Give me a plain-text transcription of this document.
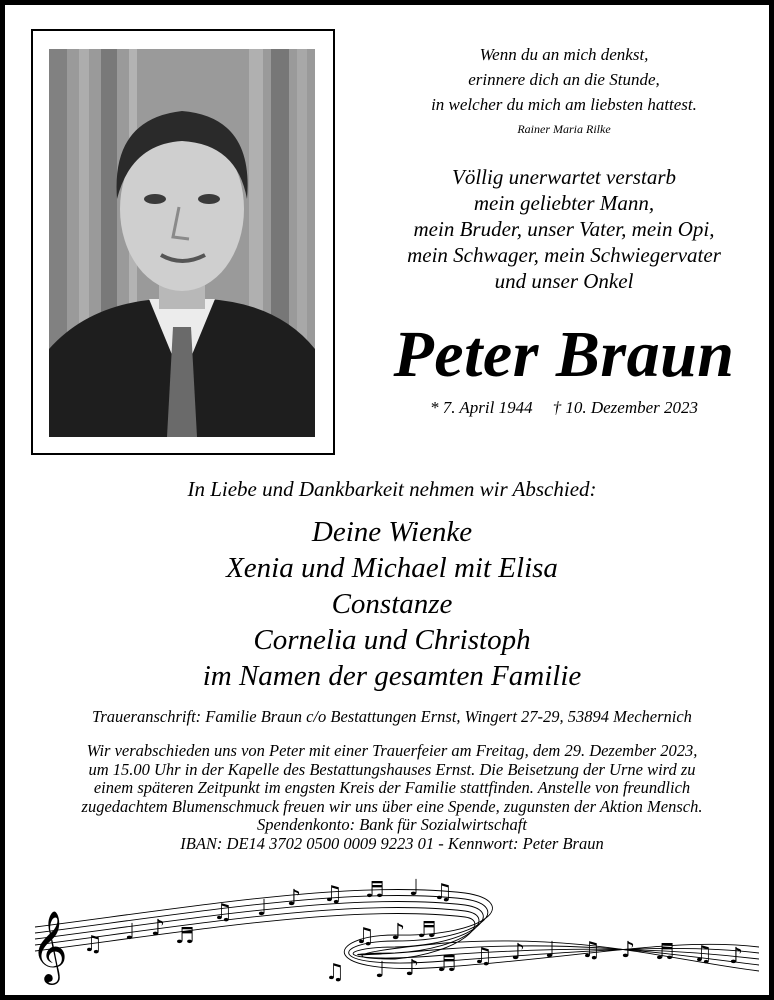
Wenn du an mich denkst,
erinnere dich an die Stunde,
in welcher du mich am liebsten hattest.
Rainer Maria Rilke
Völlig unerwartet verstarb
mein geliebter Mann,
mein Bruder, unser Vater, mein Opi,
mein Schwager, mein Schwiegervater
und unser Onkel
Peter Braun
* 7. April 1944 † 10. Dezember 2023
In Liebe und Dankbarkeit nehmen wir Abschied:
Deine Wienke
Xenia und Michael mit Elisa
Constanze
Cornelia und Christoph
im Namen der gesamten Familie
Traueranschrift: Familie Braun c/o Bestattungen Ernst, Wingert 27-29, 53894 Mechernich
Wir verabschieden uns von Peter mit einer Trauerfeier am Freitag, dem 29. Dezember 2023,
um 15.00 Uhr in der Kapelle des Bestattungshauses Ernst. Die Beisetzung der Urne wird zu
einem späteren Zeitpunkt im engsten Kreis der Familie stattfinden. Anstelle von freundlich
zugedachtem Blumenschmuck freuen wir uns über eine Spende, zugunsten der Aktion Mensch.
Spendenkonto: Bank für Sozialwirtschaft
IBAN: DE14 3702 0500 0009 9223 01 - Kennwort: Peter Braun
𝄞 ♫ ♩ ♪ ♬
♫ ♩ ♪ ♫ ♬ ♩ ♫
♫ ♪ ♬
♫ ♩ ♪ ♬ ♫ ♪ ♩ ♫ ♪ ♬ ♫ ♪
